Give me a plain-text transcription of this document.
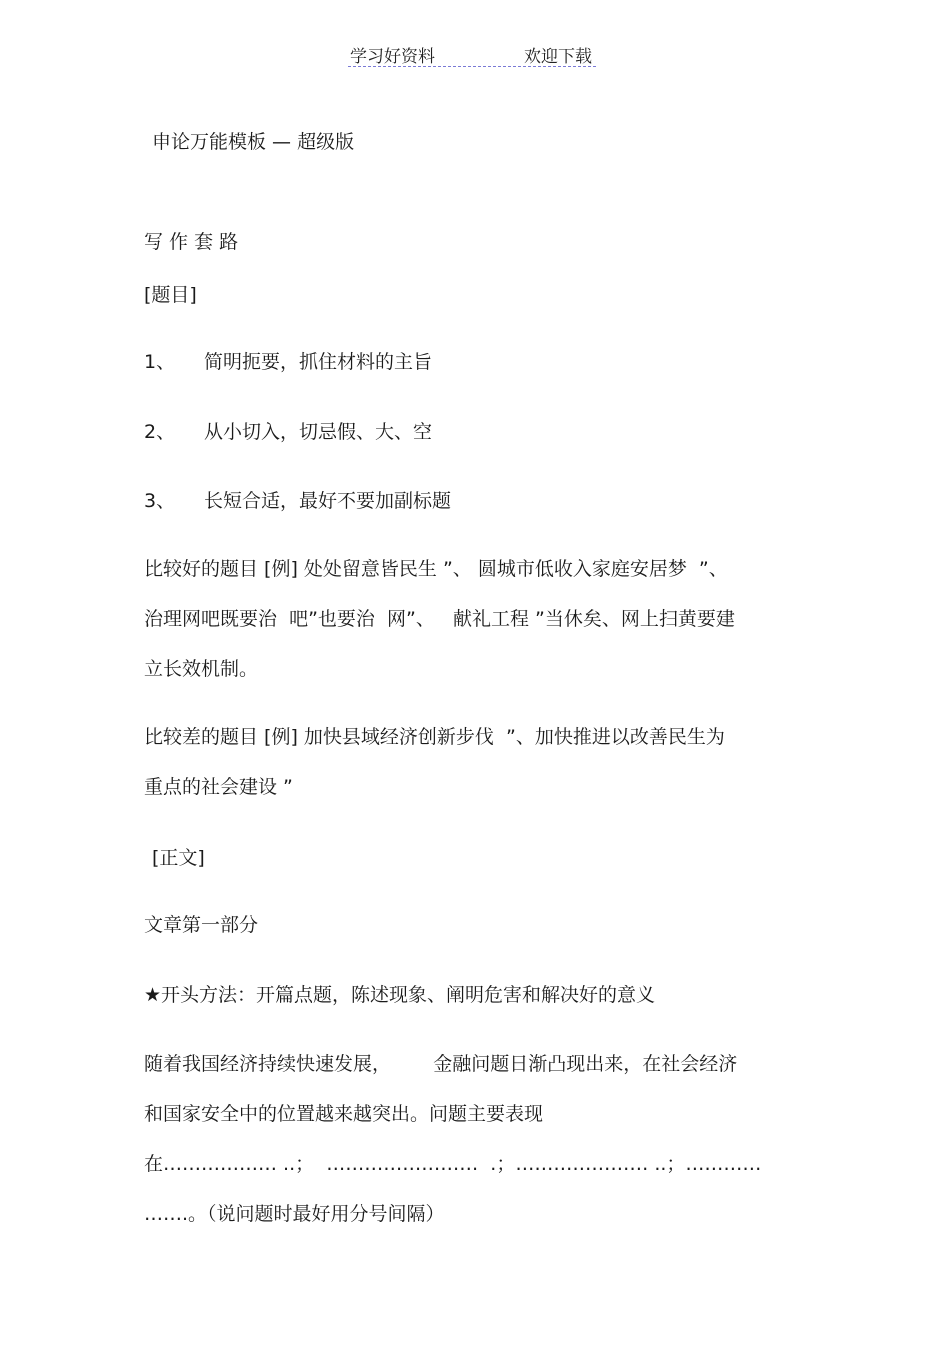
学习好资料	欢迎下载
申论万能模板 — 超级版
写 作 套 路
[题目]
1、 简明扼要，抓住材料的主旨
2、 从小切入，切忌假、大、空
3、 长短合适，最好不要加副标题
比较好的题目 [例] 处处留意皆民生 ”、 圆城市低收入家庭安居梦  ”、
治理网吧既要治  吧”也要治  网”、   献礼工程 ”当休矣、网上扫黄要建
立长效机制。
比较差的题目 [例] 加快县域经济创新步伐  ”、加快推进以改善民生为
重点的社会建设 ”
[正文]
文章第一部分
★开头方法：开篇点题，陈述现象、阐明危害和解决好的意义
随着我国经济持续快速发展，       金融问题日渐凸现出来，在社会经济
和国家安全中的位置越来越突出。问题主要表现
在……………… ..；  ……………………  .；………………… ..；…………
…….。（说问题时最好用分号间隔）
